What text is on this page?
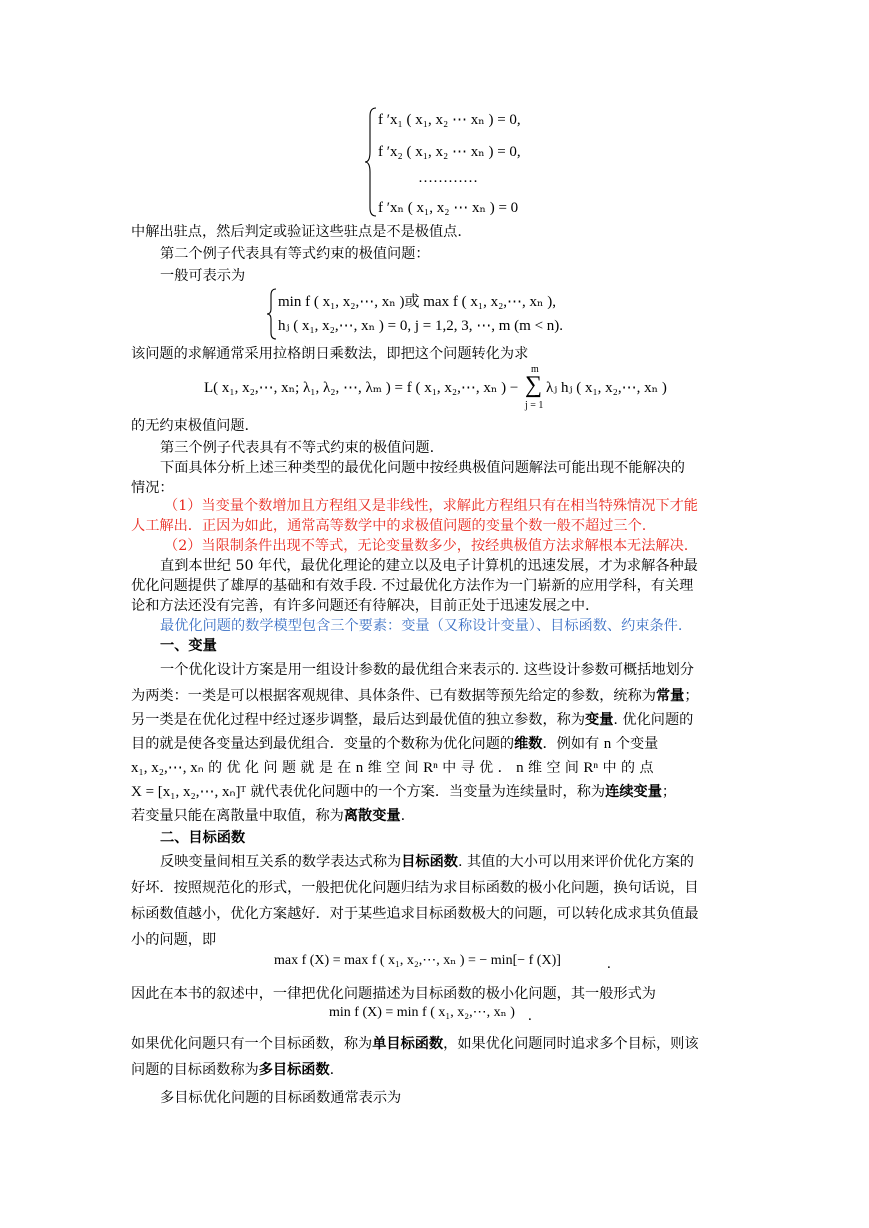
f ′x₁ ( x₁, x₂ ⋯ xₙ ) = 0,
f ′x₂ ( x₁, x₂ ⋯ xₙ ) = 0,
…………
f ′xₙ ( x₁, x₂ ⋯ xₙ ) = 0
中解出驻点，然后判定或验证这些驻点是不是极值点.
第二个例子代表具有等式约束的极值问题：
一般可表示为
min f ( x₁, x₂,⋯, xₙ )或 max f ( x₁, x₂,⋯, xₙ ),
hⱼ ( x₁, x₂,⋯, xₙ ) = 0, j = 1,2, 3, ⋯, m (m < n).
该问题的求解通常采用拉格朗日乘数法，即把这个问题转化为求
L( x₁, x₂,⋯, xₙ; λ₁, λ₂, ⋯, λₘ ) = f ( x₁, x₂,⋯, xₙ ) −
m
∑
j = 1
λⱼ hⱼ ( x₁, x₂,⋯, xₙ )
的无约束极值问题.
第三个例子代表具有不等式约束的极值问题.
下面具体分析上述三种类型的最优化问题中按经典极值问题解法可能出现不能解决的
情况：
（1）当变量个数增加且方程组又是非线性，求解此方程组只有在相当特殊情况下才能
人工解出．正因为如此，通常高等数学中的求极值问题的变量个数一般不超过三个.
（2）当限制条件出现不等式，无论变量数多少，按经典极值方法求解根本无法解决.
直到本世纪 50 年代，最优化理论的建立以及电子计算机的迅速发展，才为求解各种最
优化问题提供了雄厚的基础和有效手段. 不过最优化方法作为一门崭新的应用学科，有关理
论和方法还没有完善，有许多问题还有待解决，目前正处于迅速发展之中.
最优化问题的数学模型包含三个要素：变量（又称设计变量）、目标函数、约束条件.
一、变量
一个优化设计方案是用一组设计参数的最优组合来表示的. 这些设计参数可概括地划分
为两类：一类是可以根据客观规律、具体条件、已有数据等预先给定的参数，统称为常量；
另一类是在优化过程中经过逐步调整，最后达到最优值的独立参数，称为变量. 优化问题的
目的就是使各变量达到最优组合．变量的个数称为优化问题的维数．例如有 n 个变量
x₁, x₂,⋯, xₙ 的 优 化 问 题 就 是 在 n 维 空 间 Rⁿ 中 寻 优 ． n 维 空 间 Rⁿ 中 的 点
X = [x₁, x₂,⋯, xₙ]ᵀ 就代表优化问题中的一个方案．当变量为连续量时，称为连续变量；
若变量只能在离散量中取值，称为离散变量.
二、目标函数
反映变量间相互关系的数学表达式称为目标函数. 其值的大小可以用来评价优化方案的
好坏．按照规范化的形式，一般把优化问题归结为求目标函数的极小化问题，换句话说，目
标函数值越小，优化方案越好．对于某些追求目标函数极大的问题，可以转化成求其负值最
小的问题，即
max f (X) = max f ( x₁, x₂,⋯, xₙ ) = − min[− f (X)]	.
因此在本书的叙述中，一律把优化问题描述为目标函数的极小化问题，其一般形式为
min f (X) = min f ( x₁, x₂,⋯, xₙ ) .
如果优化问题只有一个目标函数，称为单目标函数，如果优化问题同时追求多个目标，则该
问题的目标函数称为多目标函数.
多目标优化问题的目标函数通常表示为
